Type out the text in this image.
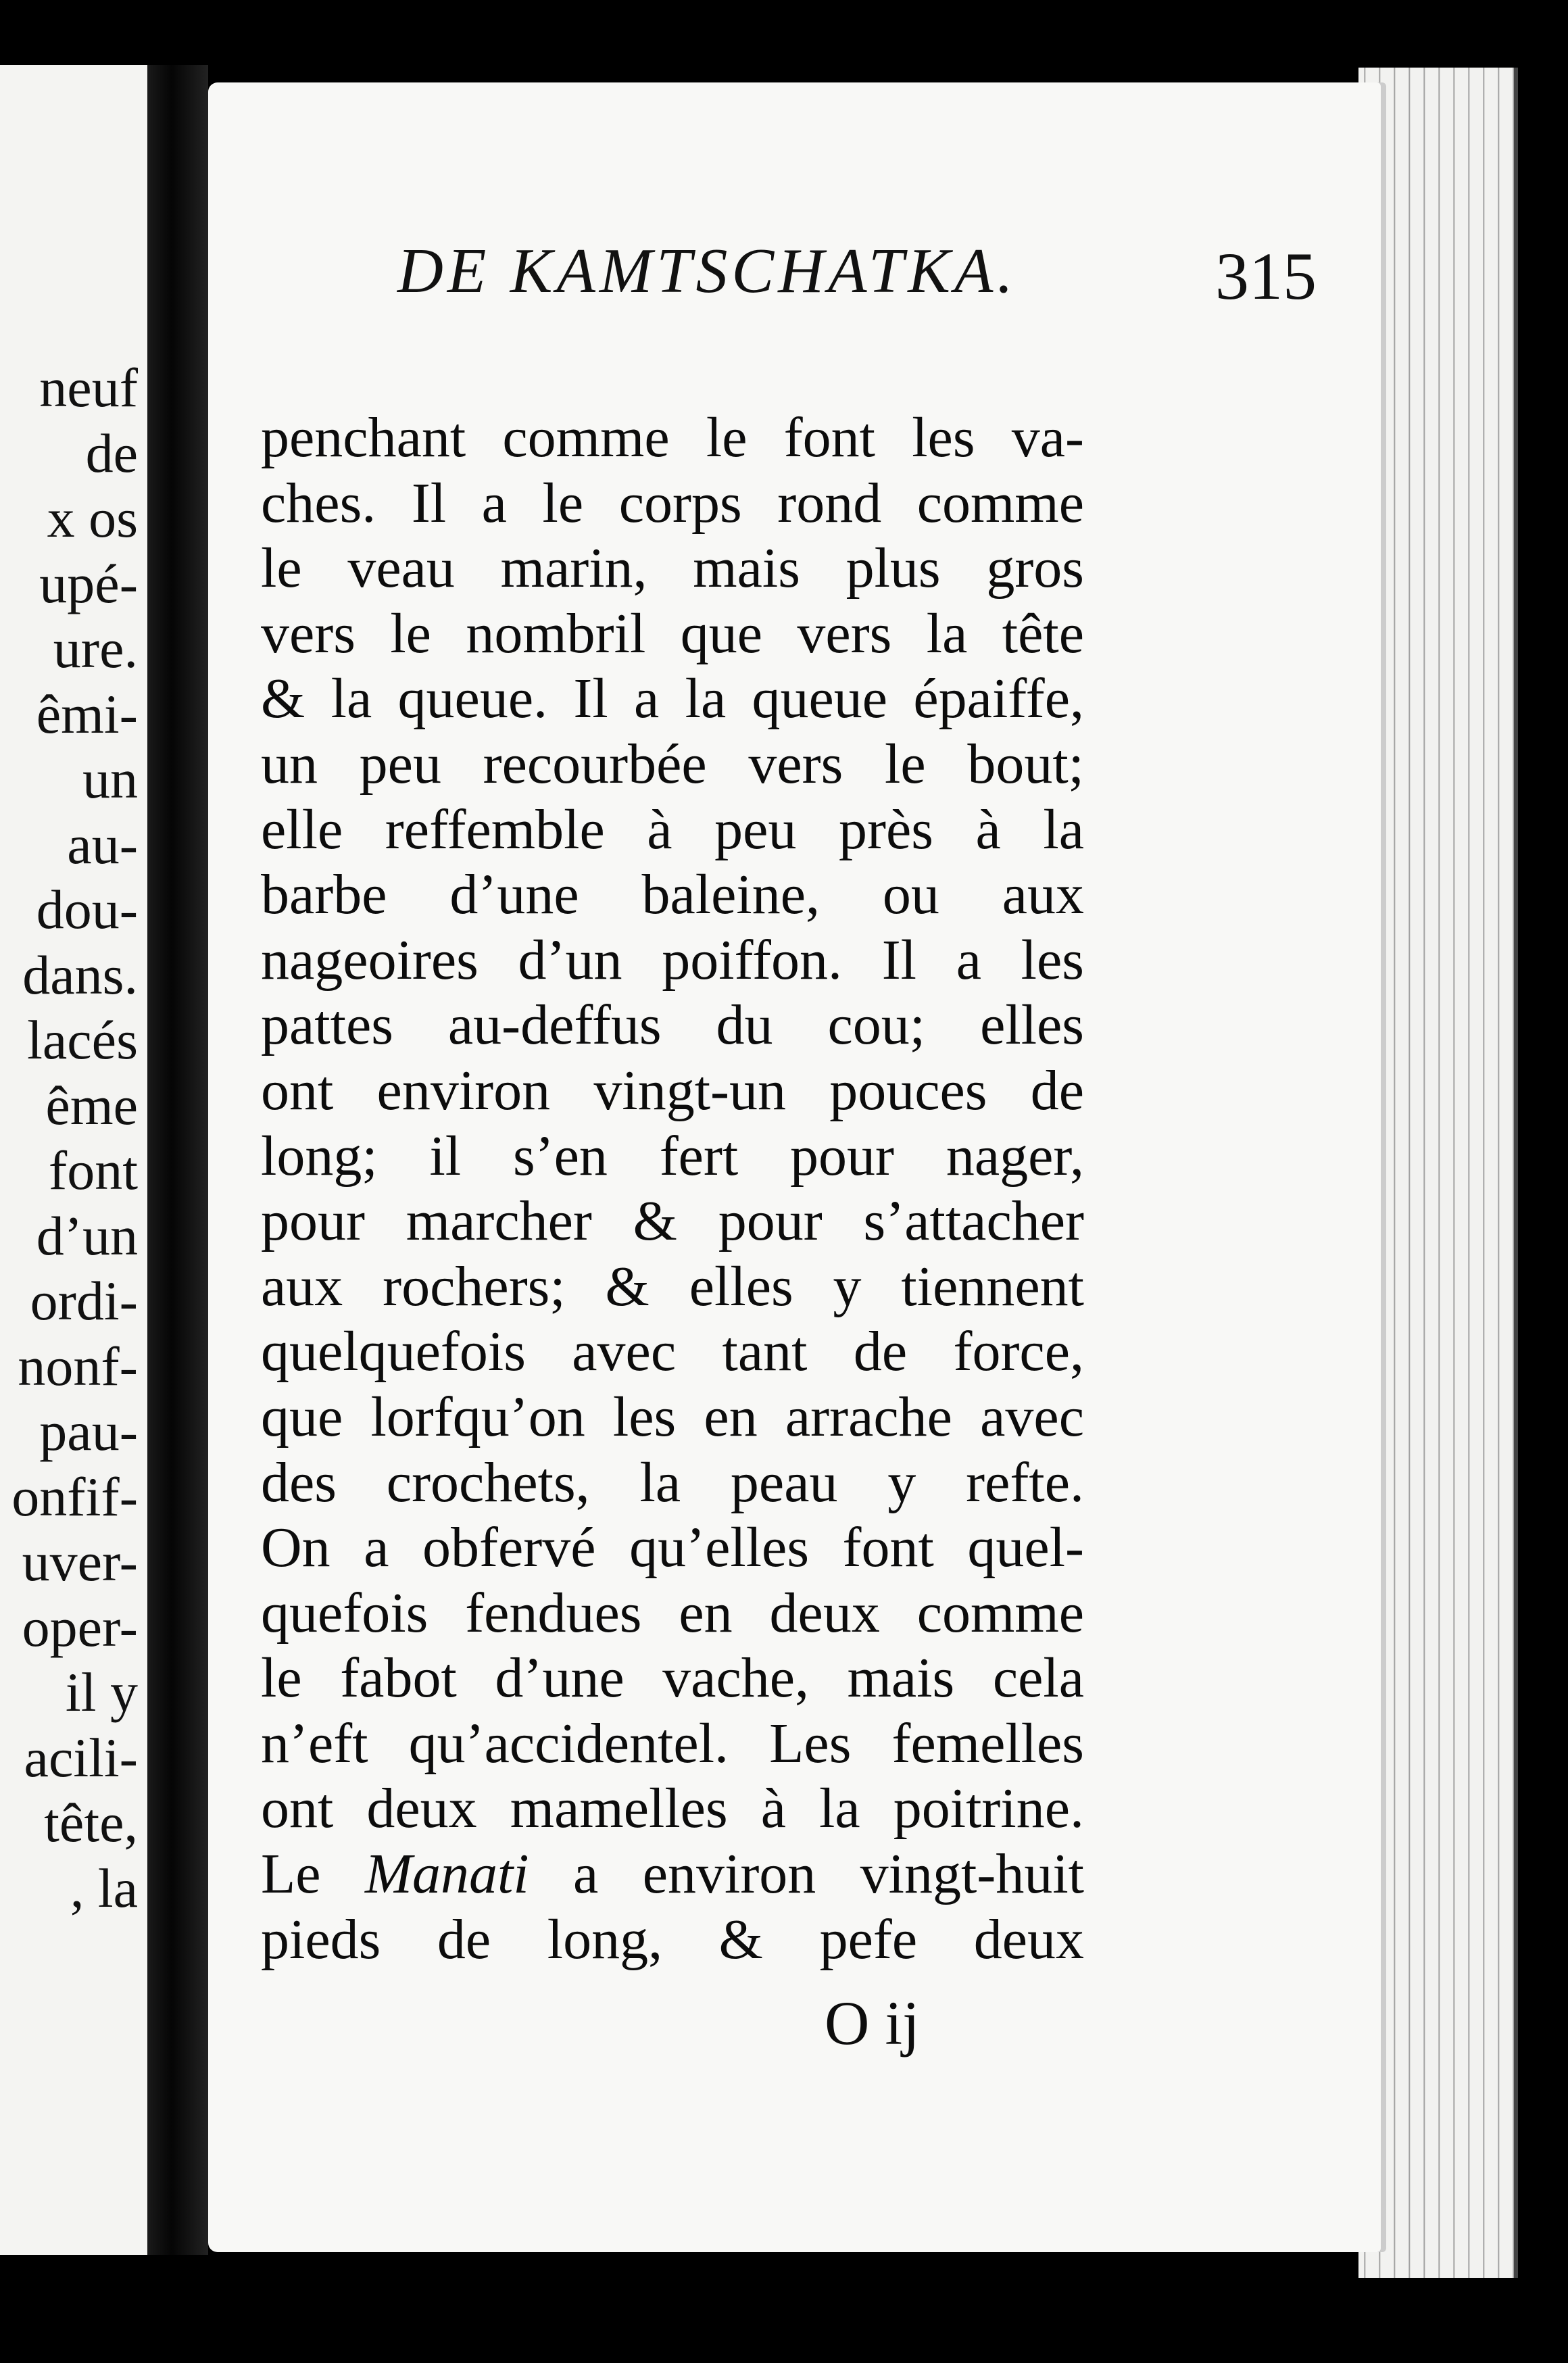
neuf
de
x os
upé-
ure.
êmi-
un
au-
dou-
dans.
lacés
ême
font
d’un
ordi-
nonf-
pau-
onfif-
uver-
oper-
il y
acili-
tête,
, la
DE KAMTSCHATKA.	315
penchant comme le font les va-
ches. Il a le corps rond comme
le veau marin, mais plus gros
vers le nombril que vers la tête
& la queue. Il a la queue épaiffe,
un peu recourbée vers le bout;
elle reffemble à peu près à la
barbe d’une baleine, ou aux
nageoires d’un poiffon. Il a les
pattes au-deffus du cou; elles
ont environ vingt-un pouces de
long; il s’en fert pour nager,
pour marcher & pour s’attacher
aux rochers; & elles y tiennent
quelquefois avec tant de force,
que lorfqu’on les en arrache avec
des crochets, la peau y refte.
On a obfervé qu’elles font quel-
quefois fendues en deux comme
le fabot d’une vache, mais cela
n’eft qu’accidentel. Les femelles
ont deux mamelles à la poitrine.
Le Manati a environ vingt-huit
pieds de long, & pefe deux
O ij
